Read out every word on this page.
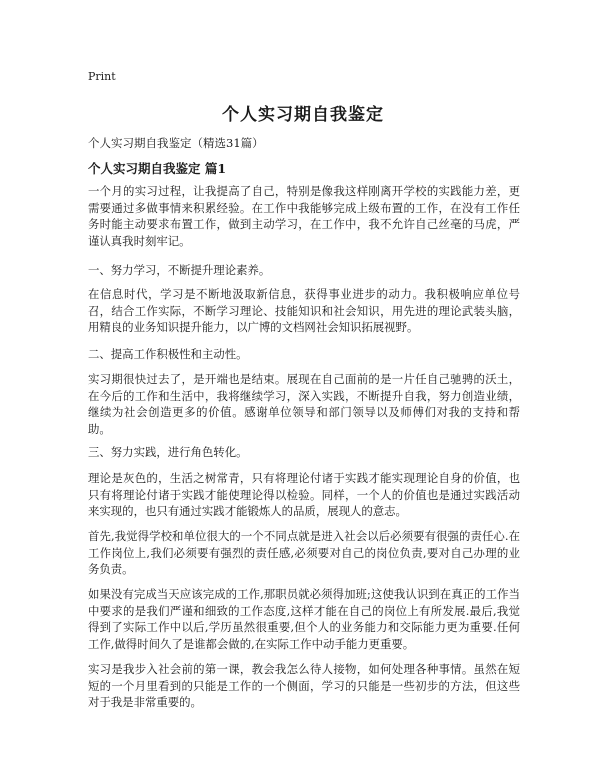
Print
个人实习期自我鉴定
个人实习期自我鉴定（精选31篇）
个人实习期自我鉴定 篇1

一个月的实习过程，让我提高了自己，特别是像我这样刚离开学校的实践能力差，更需要通过多做事情来积累经验。在工作中我能够完成上级布置的工作，在没有工作任务时能主动要求布置工作，做到主动学习，在工作中，我不允许自己丝毫的马虎，严谨认真我时刻牢记。

一、努力学习，不断提升理论素养。

在信息时代，学习是不断地汲取新信息，获得事业进步的动力。我积极响应单位号召，结合工作实际，不断学习理论、技能知识和社会知识，用先进的理论武装头脑，用精良的业务知识提升能力，以广博的文档网社会知识拓展视野。

二、提高工作积极性和主动性。

实习期很快过去了，是开端也是结束。展现在自己面前的是一片任自己驰骋的沃土，在今后的工作和生活中，我将继续学习，深入实践，不断提升自我，努力创造业绩，继续为社会创造更多的价值。感谢单位领导和部门领导以及师傅们对我的支持和帮助。

三、努力实践，进行角色转化。

理论是灰色的，生活之树常青，只有将理论付诸于实践才能实现理论自身的价值，也只有将理论付诸于实践才能使理论得以检验。同样，一个人的价值也是通过实践活动来实现的，也只有通过实践才能锻炼人的品质，展现人的意志。

首先,我觉得学校和单位很大的一个不同点就是进入社会以后必须要有很强的责任心.在工作岗位上,我们必须要有强烈的责任感,必须要对自己的岗位负责,要对自己办理的业务负责。

如果没有完成当天应该完成的工作,那职员就必须得加班;这使我认识到在真正的工作当中要求的是我们严谨和细致的工作态度,这样才能在自己的岗位上有所发展.最后,我觉得到了实际工作中以后,学历虽然很重要,但个人的业务能力和交际能力更为重要.任何工作,做得时间久了是谁都会做的,在实际工作中动手能力更重要。

实习是我步入社会前的第一课，教会我怎么待人接物，如何处理各种事情。虽然在短短的一个月里看到的只能是工作的一个侧面，学习的只能是一些初步的方法，但这些对于我是非常重要的。
